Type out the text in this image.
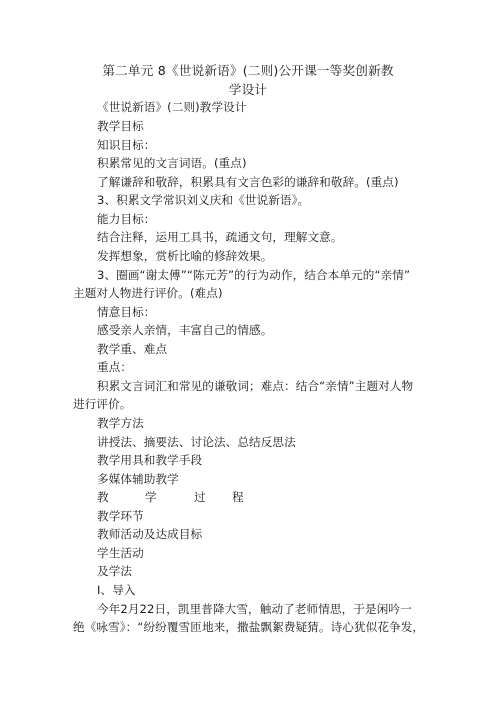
第二单元 8《世说新语》(二则)公开课一等奖创新教
学设计
《世说新语》(二则)教学设计
教学目标
知识目标：
积累常见的文言词语。(重点)
了解谦辞和敬辞，积累具有文言色彩的谦辞和敬辞。(重点)
3、积累文学常识刘义庆和《世说新语》。
能力目标：
结合注释，运用工具书，疏通文句，理解文意。
发挥想象，赏析比喻的修辞效果。
3、圈画“谢太傅”“陈元芳”的行为动作，结合本单元的“亲情”
主题对人物进行评价。(难点)
情意目标：
感受亲人亲情，丰富自己的情感。
教学重、难点
重点：
积累文言词汇和常见的谦敬词；难点：结合“亲情”主题对人物
进行评价。
教学方法
讲授法、摘要法、讨论法、总结反思法
教学用具和教学手段
多媒体辅助教学
教	学	过 程
教学环节
教师活动及达成目标
学生活动
及学法
Ⅰ、导入
今年2月22日，凯里普降大雪，触动了老师情思，于是闲吟一
绝《咏雪》：“纷纷覆雪匝地来，撒盐飘絮费疑猜。诗心犹似花争发，
